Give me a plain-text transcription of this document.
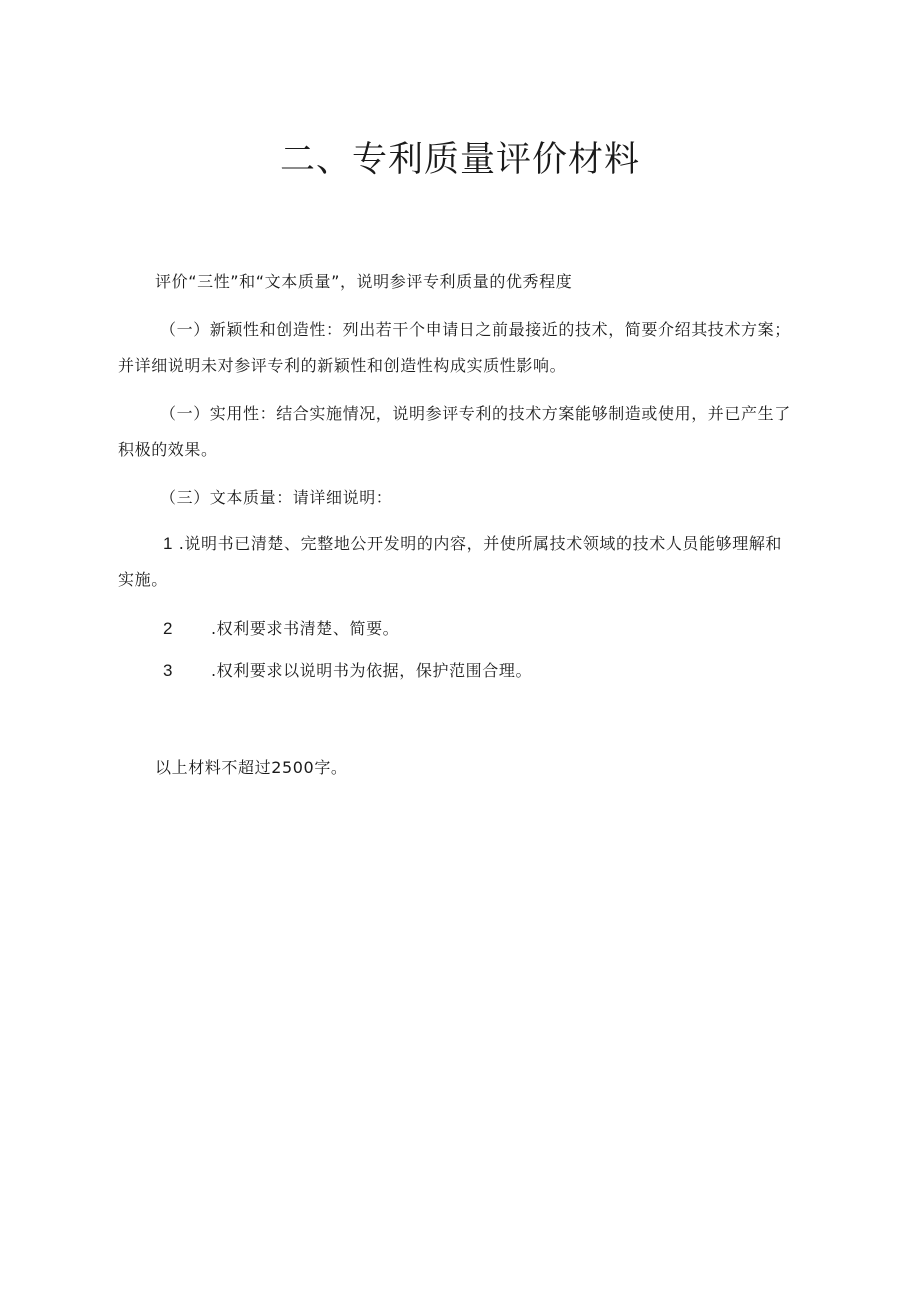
二、专利质量评价材料
评价“三性”和“文本质量”，说明参评专利质量的优秀程度
（一）新颖性和创造性：列出若干个申请日之前最接近的技术，简要介绍其技术方案；
并详细说明未对参评专利的新颖性和创造性构成实质性影响。
（一）实用性：结合实施情况，说明参评专利的技术方案能够制造或使用，并已产生了
积极的效果。
（三）文本质量：请详细说明：
1 .说明书已清楚、完整地公开发明的内容，并使所属技术领域的技术人员能够理解和
实施。
2 .权利要求书清楚、简要。
3 .权利要求以说明书为依据，保护范围合理。
以上材料不超过2500字。
